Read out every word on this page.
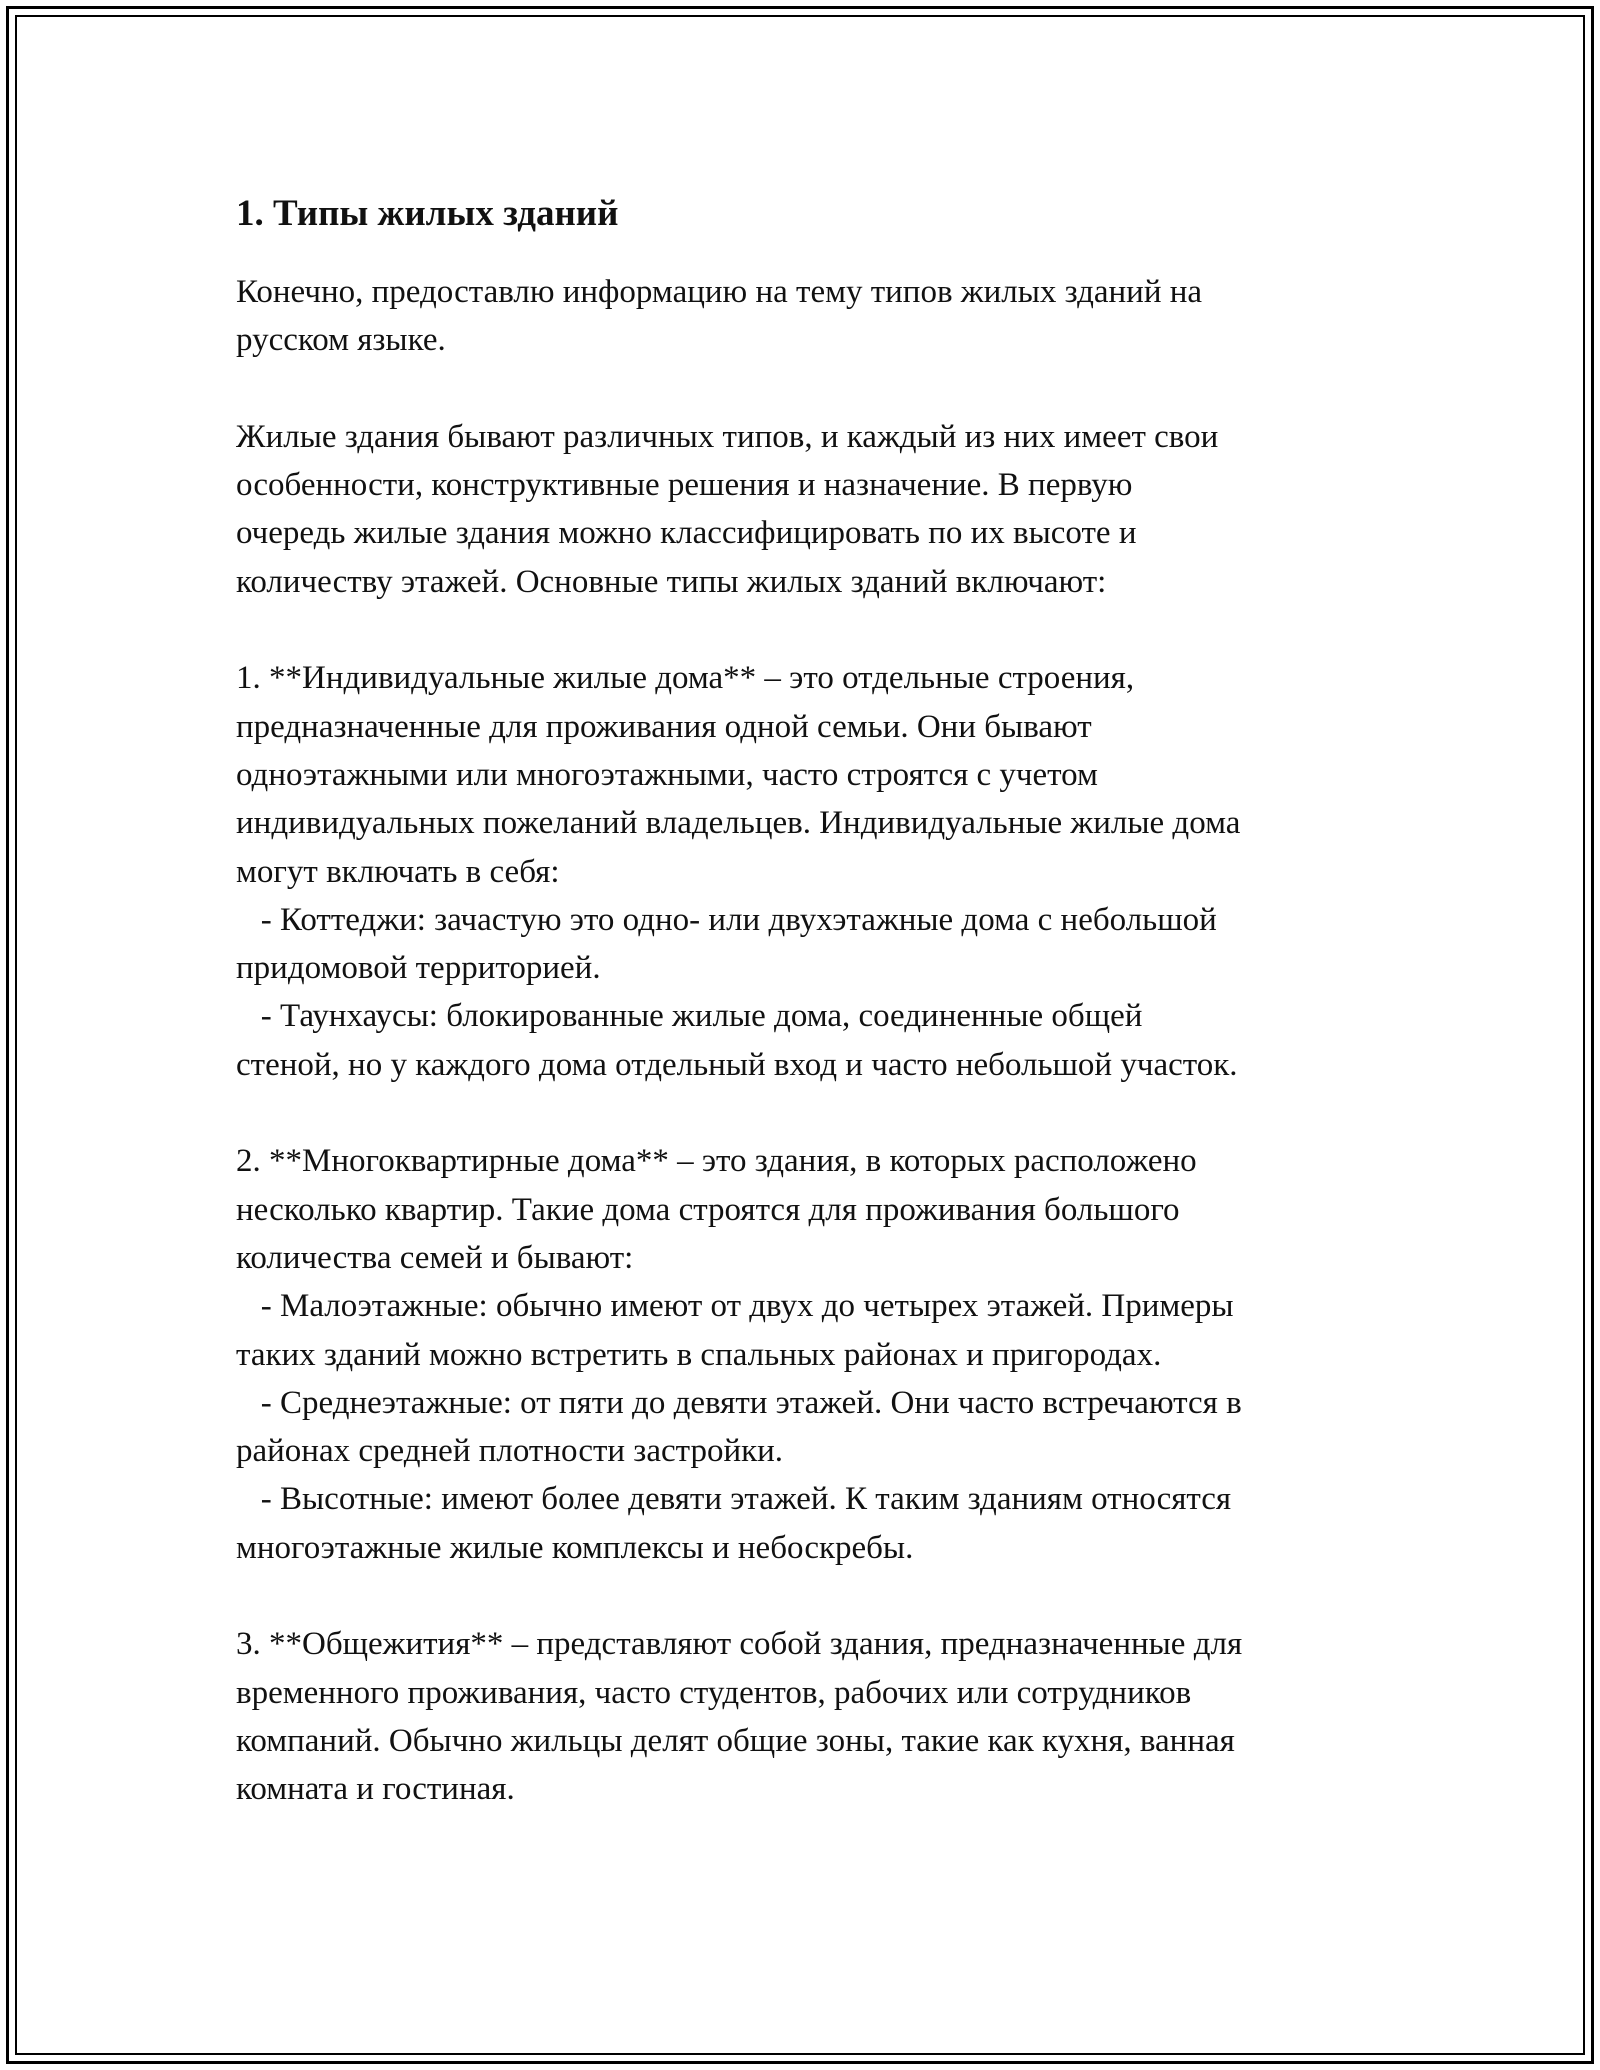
1. Типы жилых зданий

Конечно, предоставлю информацию на тему типов жилых зданий на
русском языке.

Жилые здания бывают различных типов, и каждый из них имеет свои
особенности, конструктивные решения и назначение. В первую
очередь жилые здания можно классифицировать по их высоте и
количеству этажей. Основные типы жилых зданий включают:

1. **Индивидуальные жилые дома** – это отдельные строения,
предназначенные для проживания одной семьи. Они бывают
одноэтажными или многоэтажными, часто строятся с учетом
индивидуальных пожеланий владельцев. Индивидуальные жилые дома
могут включать в себя:
- Коттеджи: зачастую это одно- или двухэтажные дома с небольшой
придомовой территорией.
- Таунхаусы: блокированные жилые дома, соединенные общей
стеной, но у каждого дома отдельный вход и часто небольшой участок.

2. **Многоквартирные дома** – это здания, в которых расположено
несколько квартир. Такие дома строятся для проживания большого
количества семей и бывают:
- Малоэтажные: обычно имеют от двух до четырех этажей. Примеры
таких зданий можно встретить в спальных районах и пригородах.
- Среднеэтажные: от пяти до девяти этажей. Они часто встречаются в
районах средней плотности застройки.
- Высотные: имеют более девяти этажей. К таким зданиям относятся
многоэтажные жилые комплексы и небоскребы.

3. **Общежития** – представляют собой здания, предназначенные для
временного проживания, часто студентов, рабочих или сотрудников
компаний. Обычно жильцы делят общие зоны, такие как кухня, ванная
комната и гостиная.
